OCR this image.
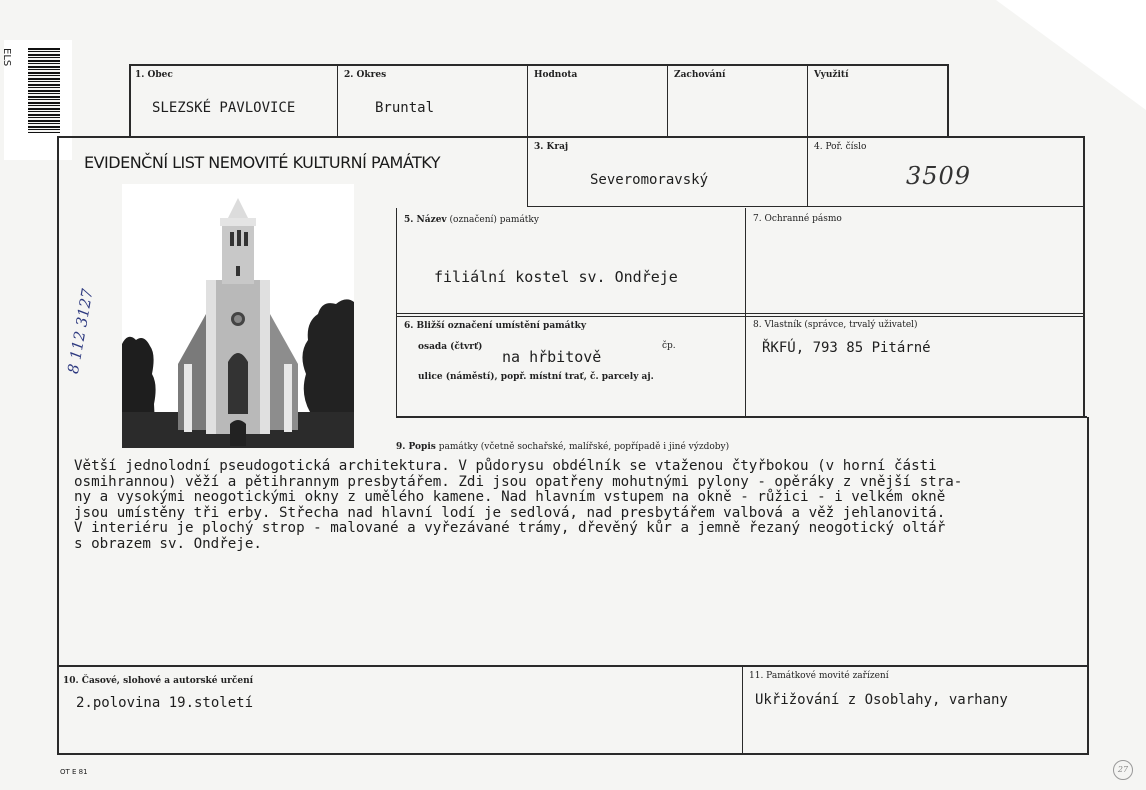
ELS
1. Obec
SLEZSKÉ PAVLOVICE
2. Okres
Bruntal
Hodnota	Zachování	Využití
EVIDENČNÍ LIST NEMOVITÉ KULTURNÍ PAMÁTKY
3. Kraj
Severomoravský
4. Poř. číslo
3509
8 112 3127
5. Název (označení) památky
filiální kostel sv. Ondřeje
7. Ochranné pásmo
6. Bližší označení umístění památky
osada (čtvrť)
na hřbitově
čp.
ulice (náměstí), popř. místní trať, č. parcely aj.
8. Vlastník (správce, trvalý uživatel)
ŘKFÚ, 793 85 Pitárné
9. Popis památky (včetně sochařské, malířské, popřípadě i jiné výzdoby)
Větší jednolodní pseudogotická architektura. V půdorysu obdélník se vtaženou čtyřbokou (v horní části
osmihrannou) věží a pětihrannym presbytářem. Zdi jsou opatřeny mohutnými pylony - opěráky z vnější stra-
ny a vysokými neogotickými okny z umělého kamene. Nad hlavním vstupem na okně - růžici - i velkém okně
jsou umístěny tři erby. Střecha nad hlavní lodí je sedlová, nad presbytářem valbová a věž jehlanovitá.
V interiéru je plochý strop - malované a vyřezávané trámy, dřevěný kůr a jemně řezaný neogotický oltář
s obrazem sv. Ondřeje.
10. Časové, slohové a autorské určení
2.polovina 19.století
11. Památkové movité zařízení
Ukřižování z Osoblahy, varhany
OT E 81	27
